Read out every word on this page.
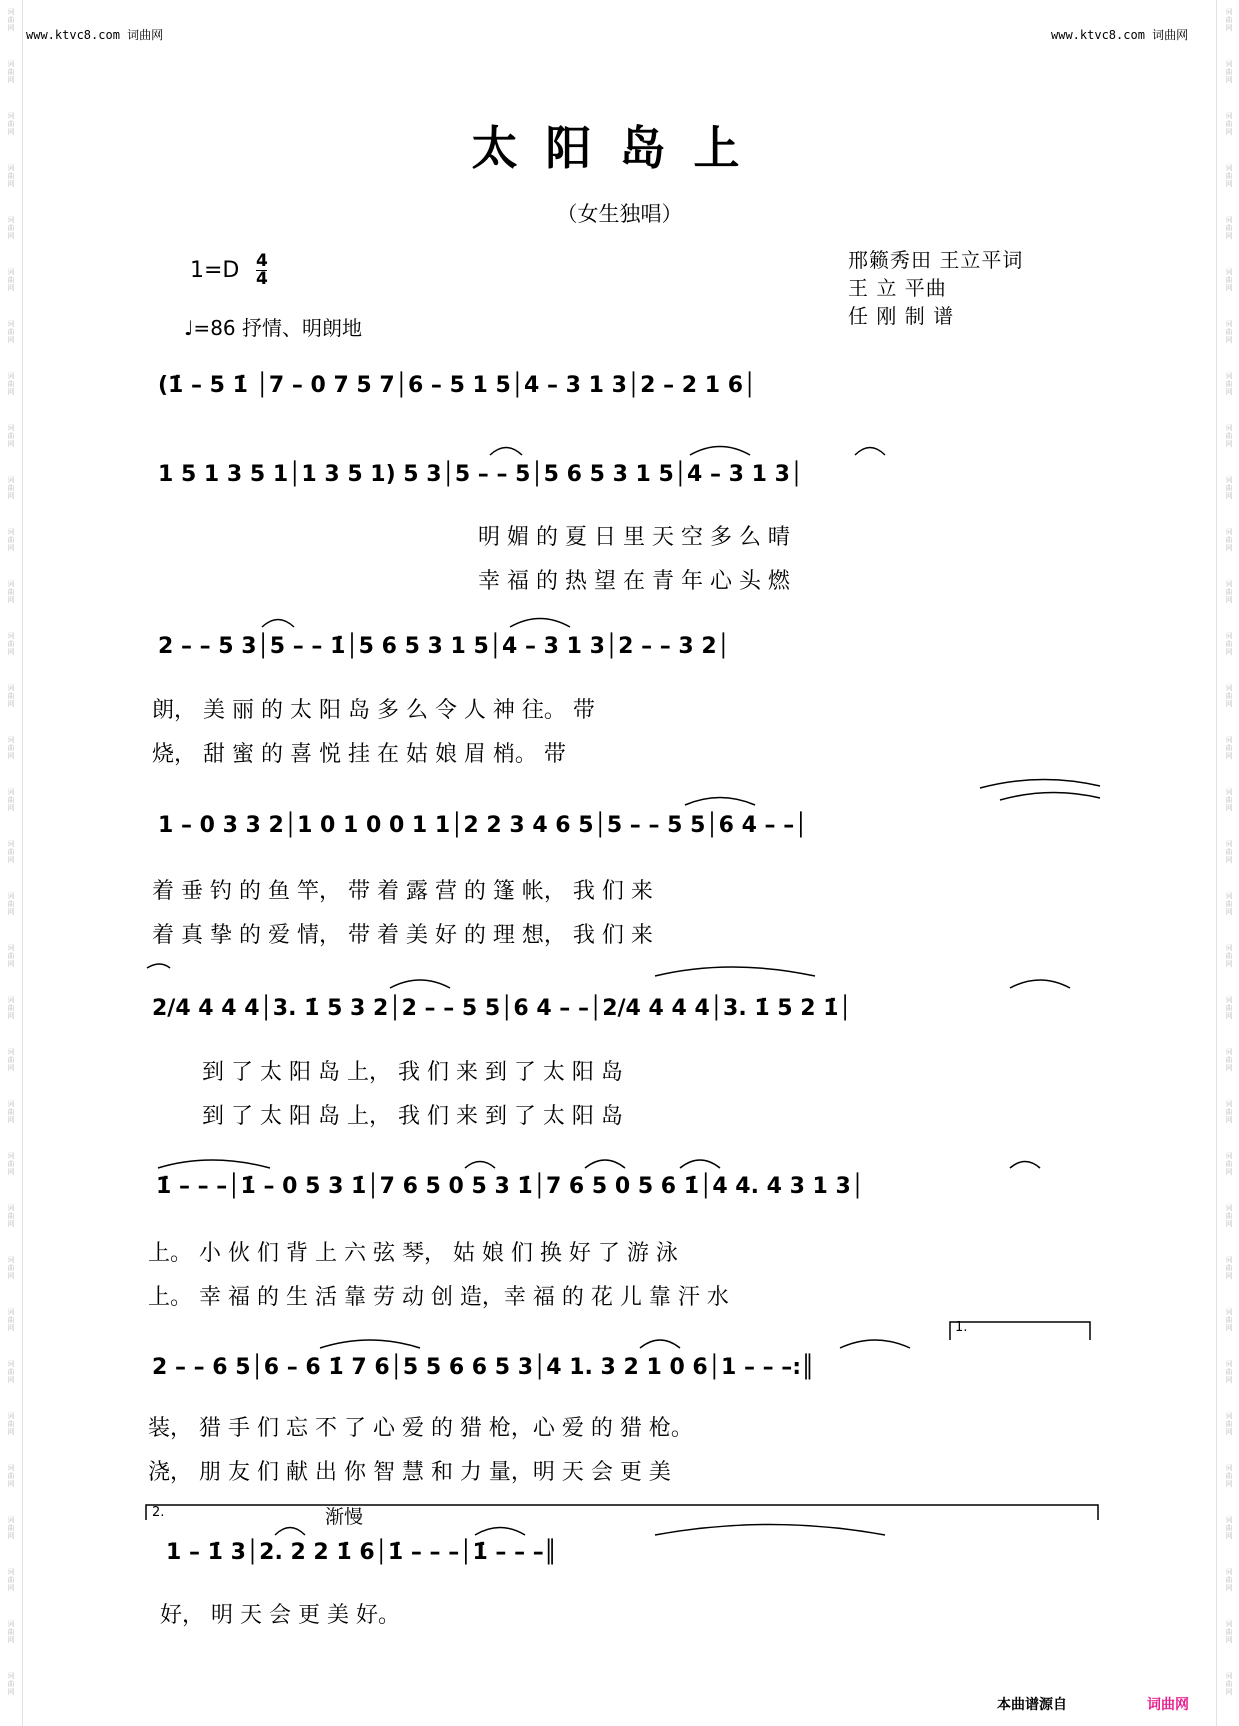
词
曲
网
词
曲
网
词
曲
网
词
曲
网
词
曲
网
词
曲
网
词
曲
网
词
曲
网
词
曲
网
词
曲
网
词
曲
网
词
曲
网
词
曲
网
词
曲
网
词
曲
网
词
曲
网
词
曲
网
词
曲
网
词
曲
网
词
曲
网
词
曲
网
词
曲
网
词
曲
网
词
曲
网
词
曲
网
词
曲
网
词
曲
网
词
曲
网
词
曲
网
词
曲
网
词
曲
网
词
曲
网
词
曲
网
词
曲
网
词
曲
网
词
曲
网
词
曲
网
词
曲
网
词
曲
网
词
曲
网
词
曲
网
词
曲
网
词
曲
网
词
曲
网
词
曲
网
词
曲
网
词
曲
网
词
曲
网
词
曲
网
词
曲
网
词
曲
网
词
曲
网
词
曲
网
词
曲
网
词
曲
网
词
曲
网
词
曲
网
词
曲
网
词
曲
网
词
曲
网
词
曲
网
词
曲
网
词
曲
网
词
曲
网
词
曲
网
词
曲
网
www.ktvc8.com 词曲网	www.ktvc8.com 词曲网
太阳岛上
（女生独唱）
1=D 4
4
♩=86 抒情、明朗地
邢籁秀田 王立平词
王 立 平曲
任 刚 制 谱
(1̇ – 5 1̇ │7 – 0 7 5 7│6 – 5 1 5│4 – 3 1 3│2 – 2 1 6│
1 5 1 3 5 1│1 3 5 1) 5 3│5 – – 5│5 6 5 3 1 5│4 – 3 1 3│
明 媚 的 夏 日 里 天 空 多 么 晴
幸 福 的 热 望 在 青 年 心 头 燃
2 – – 5 3│5 – – 1̇│5 6 5 3 1 5│4 – 3 1 3│2 – – 3 2│
朗， 美 丽 的 太 阳 岛 多 么 令 人 神 往。 带
烧， 甜 蜜 的 喜 悦 挂 在 姑 娘 眉 梢。 带
1 – 0 3 3 2│1 0 1 0 0 1 1│2 2 3 4 6 5│5 – – 5 5│6 4 – –│
着 垂 钓 的 鱼 竿， 带 着 露 营 的 篷 帐， 我 们 来
着 真 挚 的 爱 情， 带 着 美 好 的 理 想， 我 们 来
2/4 4 4 4│3. 1̇ 5 3 2│2 – – 5 5│6 4 – –│2/4 4 4 4│3. 1̇ 5 2 1̇│
到 了 太 阳 岛 上， 我 们 来 到 了 太 阳 岛
到 了 太 阳 岛 上， 我 们 来 到 了 太 阳 岛
1̇ – – –│1̇ – 0 5 3 1̇│7 6 5 0 5 3 1̇│7 6 5 0 5 6 1̇│4 4. 4 3 1 3│
上。 小 伙 们 背 上 六 弦 琴， 姑 娘 们 换 好 了 游 泳
上。 幸 福 的 生 活 靠 劳 动 创 造，幸 福 的 花 儿 靠 汗 水
1.
2 – – 6 5│6 – 6 1̇ 7 6│5 5 6 6 5 3│4 1. 3 2 1 0 6│1 – – –:║
装， 猎 手 们 忘 不 了 心 爱 的 猎 枪，心 爱 的 猎 枪。
浇， 朋 友 们 献 出 你 智 慧 和 力 量，明 天 会 更 美
2.	渐慢
1 – 1̇ 3│2. 2 2 1̇ 6│1̇ – – –│1̇ – – –║
好， 明 天 会 更 美 好。
本曲谱源自	词曲网
